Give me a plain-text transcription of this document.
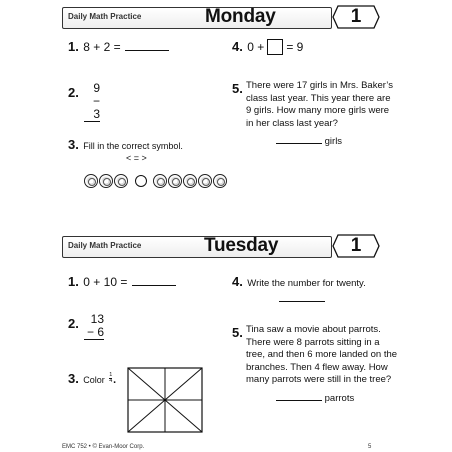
Daily Math Practice	Monday	1
1. 8 + 2 =	4. 0 + = 9
2.	9
− 3
5. There were 17 girls in Mrs. Baker’s
class last year. This year there are
9 girls. How many more girls were
in her class last year?
girls
3. Fill in the correct symbol.
< = >
Daily Math Practice	Tuesday	1
1. 0 + 10 =	4. Write the number for twenty.
2. 13
− 6	5. Tina saw a movie about parrots.
There were 8 parrots sitting in a
tree, and then 6 more landed on the
branches. Then 4 flew away. How
many parrots were still in the tree?
parrots
3. Color $\frac{1}{4}$ .
EMC 752 • © Evan-Moor Corp.	5
